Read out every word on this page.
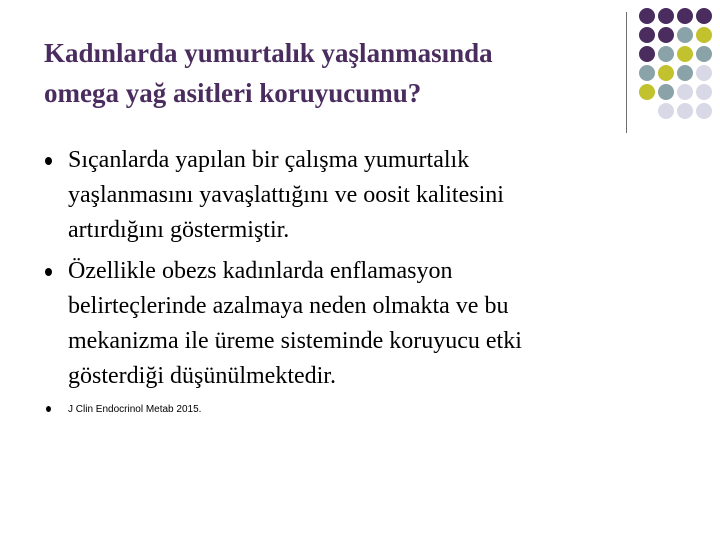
Kadınlarda yumurtalık yaşlanmasında
omega yağ asitleri koruyucumu?
Sıçanlarda yapılan bir çalışma yumurtalık
yaşlanmasını yavaşlattığını ve oosit kalitesini
artırdığını göstermiştir.
Özellikle obezs kadınlarda enflamasyon
belirteçlerinde azalmaya neden olmakta ve bu
mekanizma ile üreme sisteminde koruyucu etki
gösterdiği düşünülmektedir.
J Clin Endocrinol Metab 2015.
